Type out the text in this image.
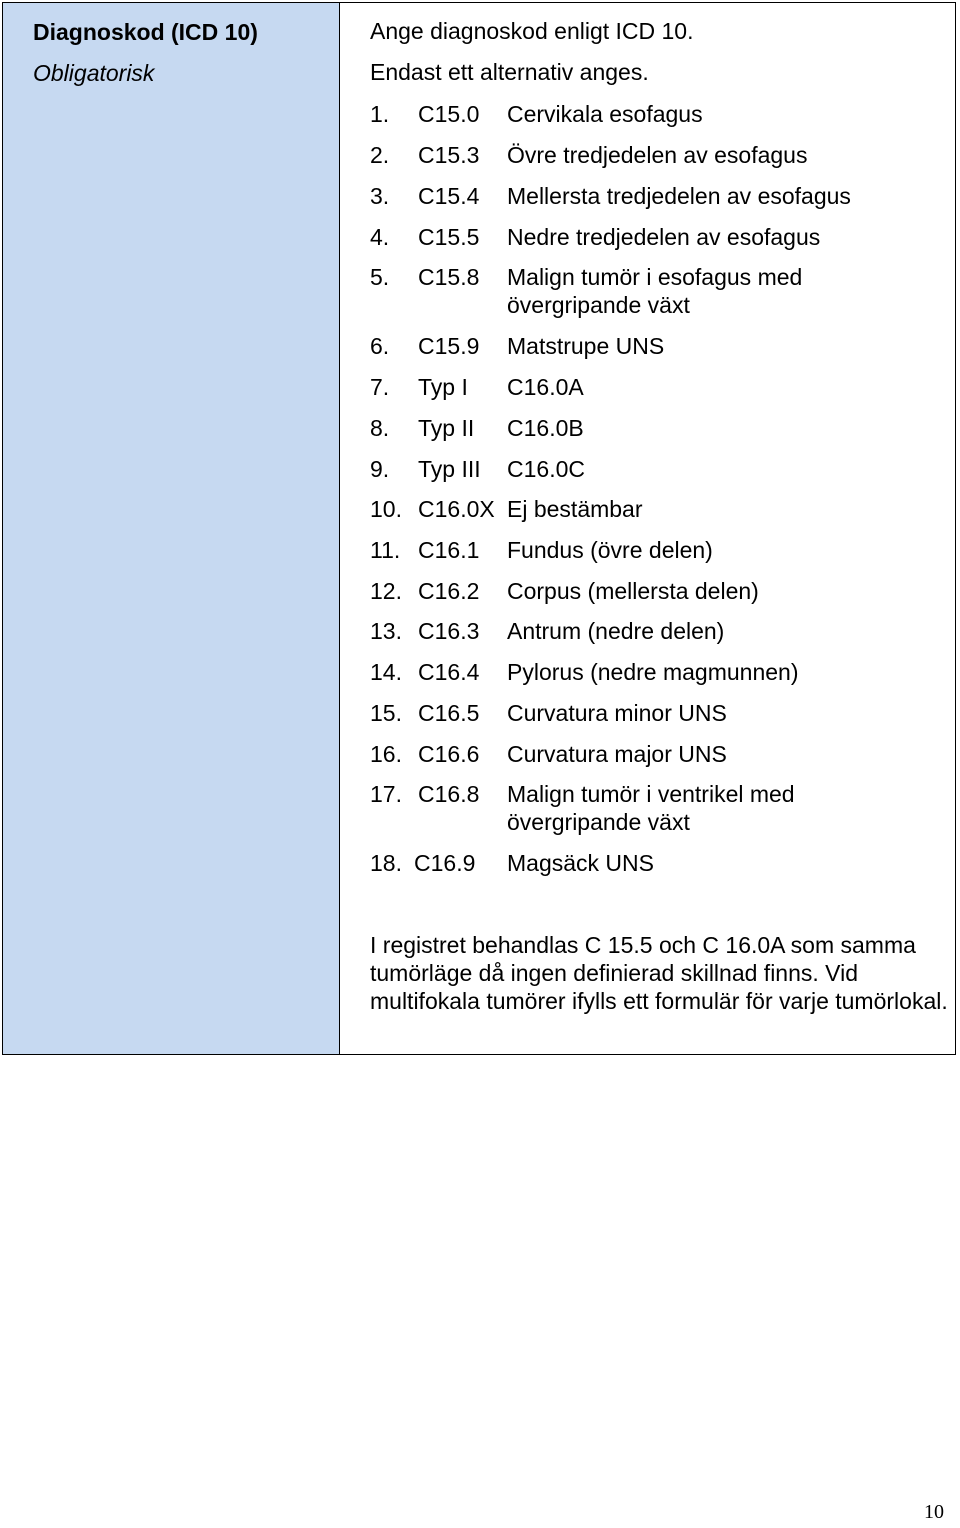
Diagnoskod (ICD 10)
Obligatorisk
Ange diagnoskod enligt ICD 10.
Endast ett alternativ anges.
1. C15.0 Cervikala esofagus
2. C15.3 Övre tredjedelen av esofagus
3. C15.4 Mellersta tredjedelen av esofagus
4. C15.5 Nedre tredjedelen av esofagus
5. C15.8 Malign tumör i esofagus med övergripande växt
6. C15.9 Matstrupe UNS
7. Typ I C16.0A
8. Typ II C16.0B
9. Typ III C16.0C
10. C16.0X Ej bestämbar
11. C16.1 Fundus (övre delen)
12. C16.2 Corpus (mellersta delen)
13. C16.3 Antrum (nedre delen)
14. C16.4 Pylorus (nedre magmunnen)
15. C16.5 Curvatura minor UNS
16. C16.6 Curvatura major UNS
17. C16.8 Malign tumör i ventrikel med övergripande växt
18. C16.9 Magsäck UNS
I registret behandlas C 15.5 och C 16.0A som samma tumörläge då ingen definierad skillnad finns. Vid multifokala tumörer ifylls ett formulär för varje tumörlokal.
10
